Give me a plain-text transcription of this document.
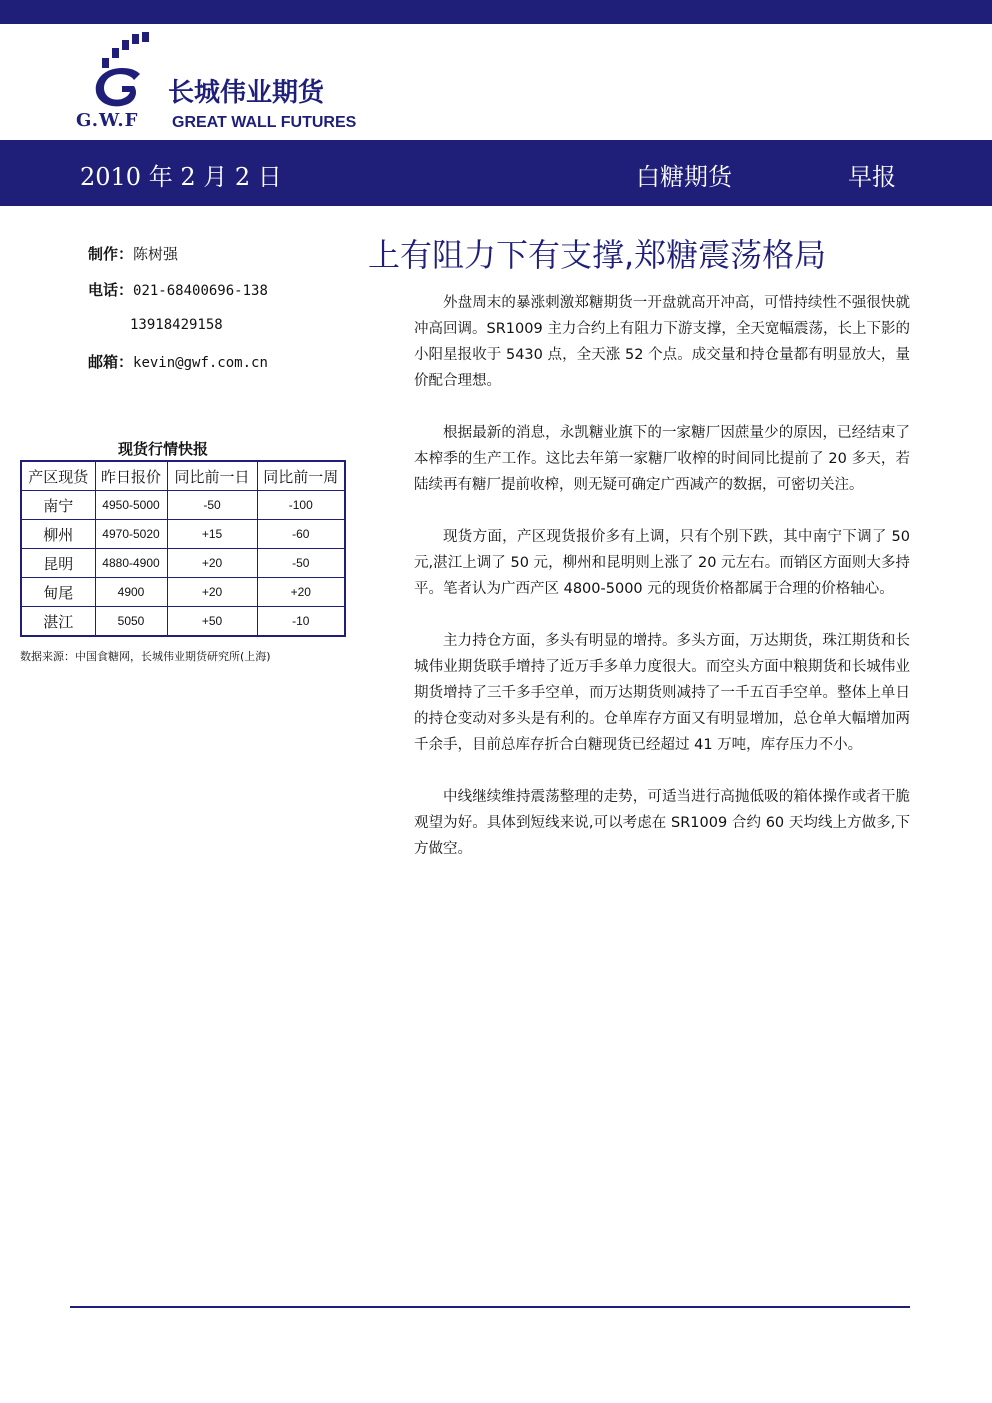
G.W.F
长城伟业期货
GREAT WALL FUTURES
2010 年 2 月 2 日	白糖期货	早报
制作：陈树强
电话：021-68400696-138
13918429158
邮箱：kevin@gwf.com.cn
上有阻力下有支撑,郑糖震荡格局

外盘周末的暴涨刺激郑糖期货一开盘就高开冲高，可惜持续性不强很快就冲高回调。SR1009 主力合约上有阻力下游支撑，全天宽幅震荡，长上下影的小阳星报收于 5430 点，全天涨 52 个点。成交量和持仓量都有明显放大，量价配合理想。

根据最新的消息，永凯糖业旗下的一家糖厂因蔗量少的原因，已经结束了本榨季的生产工作。这比去年第一家糖厂收榨的时间同比提前了 20 多天，若陆续再有糖厂提前收榨，则无疑可确定广西减产的数据，可密切关注。

现货方面，产区现货报价多有上调，只有个别下跌，其中南宁下调了 50 元,湛江上调了 50 元，柳州和昆明则上涨了 20 元左右。而销区方面则大多持平。笔者认为广西产区 4800-5000 元的现货价格都属于合理的价格轴心。

主力持仓方面，多头有明显的增持。多头方面，万达期货，珠江期货和长城伟业期货联手增持了近万手多单力度很大。而空头方面中粮期货和长城伟业期货增持了三千多手空单，而万达期货则减持了一千五百手空单。整体上单日的持仓变动对多头是有利的。仓单库存方面又有明显增加，总仓单大幅增加两千余手，目前总库存折合白糖现货已经超过 41 万吨，库存压力不小。

中线继续维持震荡整理的走势，可适当进行高抛低吸的箱体操作或者干脆观望为好。具体到短线来说,可以考虑在 SR1009 合约 60 天均线上方做多,下方做空。

现货行情快报
产区现货	昨日报价	同比前一日	同比前一周
南宁	4950-5000	-50	-100
柳州	4970-5020	+15	-60
昆明	4880-4900	+20	-50
甸尾	4900	+20	+20
湛江	5050	+50	-10
数据来源：中国食糖网，长城伟业期货研究所(上海)
